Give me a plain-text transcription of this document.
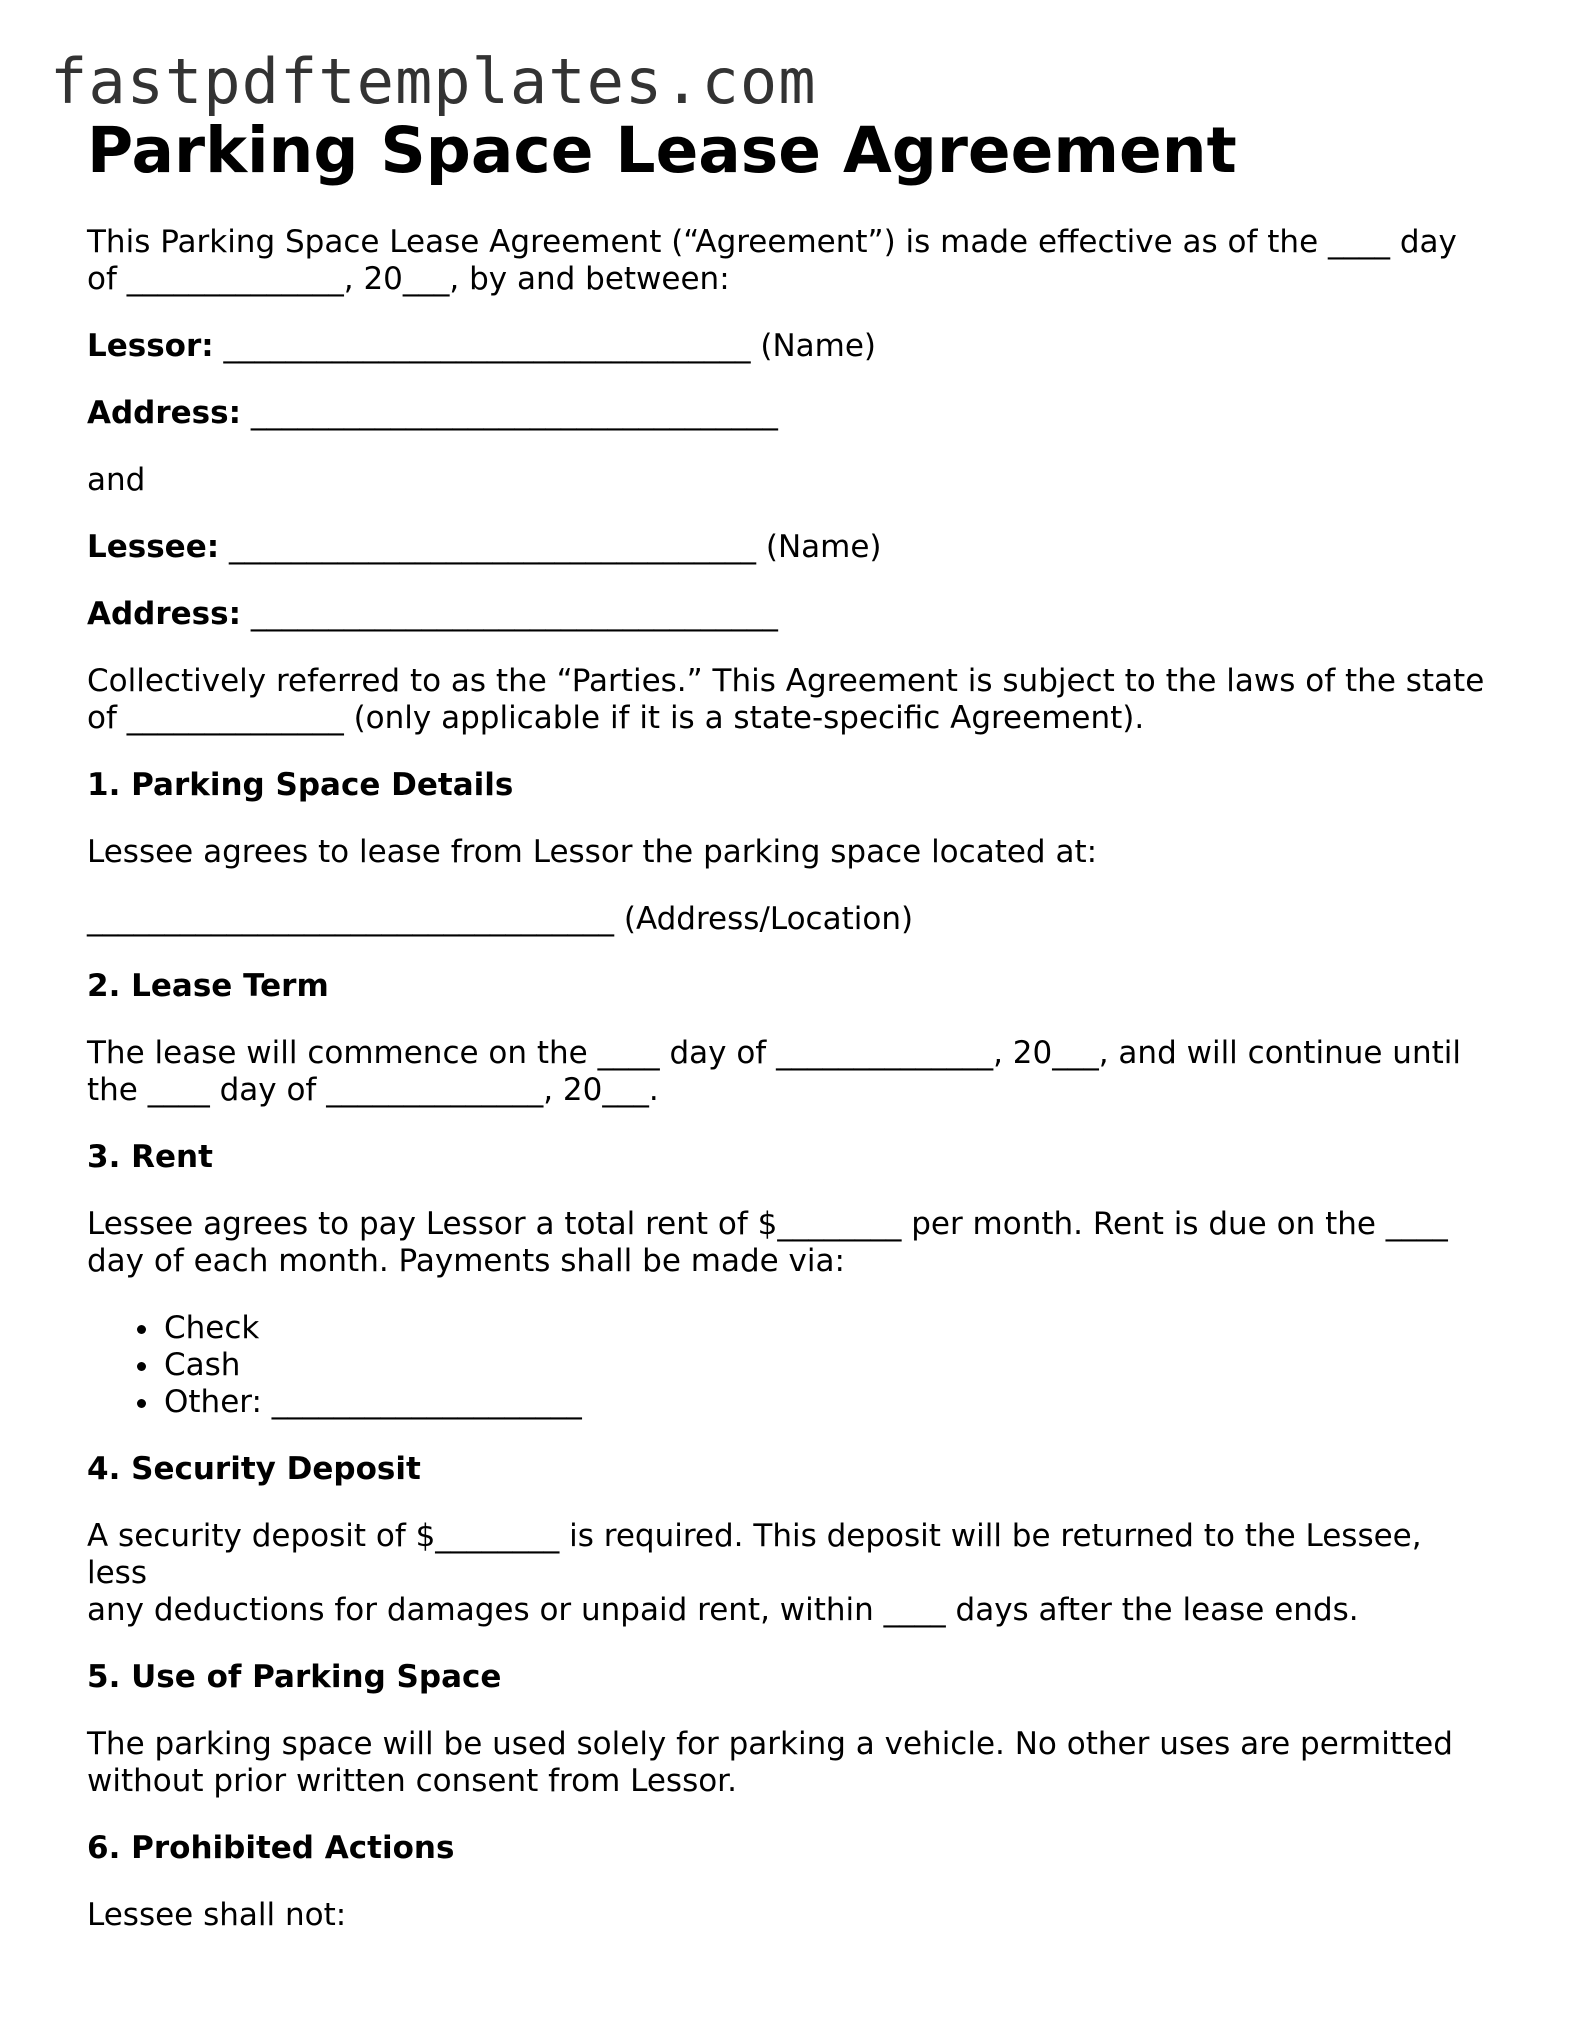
fastpdftemplates.com
Parking Space Lease Agreement

This Parking Space Lease Agreement (“Agreement”) is made effective as of the ____ day
of ______________, 20___, by and between:

Lessor: __________________________________ (Name)

Address: __________________________________

and

Lessee: __________________________________ (Name)

Address: __________________________________

Collectively referred to as the “Parties.” This Agreement is subject to the laws of the state
of ______________ (only applicable if it is a state-specific Agreement).

1. Parking Space Details

Lessee agrees to lease from Lessor the parking space located at:

__________________________________ (Address/Location)

2. Lease Term

The lease will commence on the ____ day of ______________, 20___, and will continue until
the ____ day of ______________, 20___.

3. Rent

Lessee agrees to pay Lessor a total rent of $________ per month. Rent is due on the ____
day of each month. Payments shall be made via:

• Check
• Cash
• Other: ____________________

4. Security Deposit

A security deposit of $________ is required. This deposit will be returned to the Lessee, less
any deductions for damages or unpaid rent, within ____ days after the lease ends.

5. Use of Parking Space

The parking space will be used solely for parking a vehicle. No other uses are permitted
without prior written consent from Lessor.

6. Prohibited Actions

Lessee shall not:
